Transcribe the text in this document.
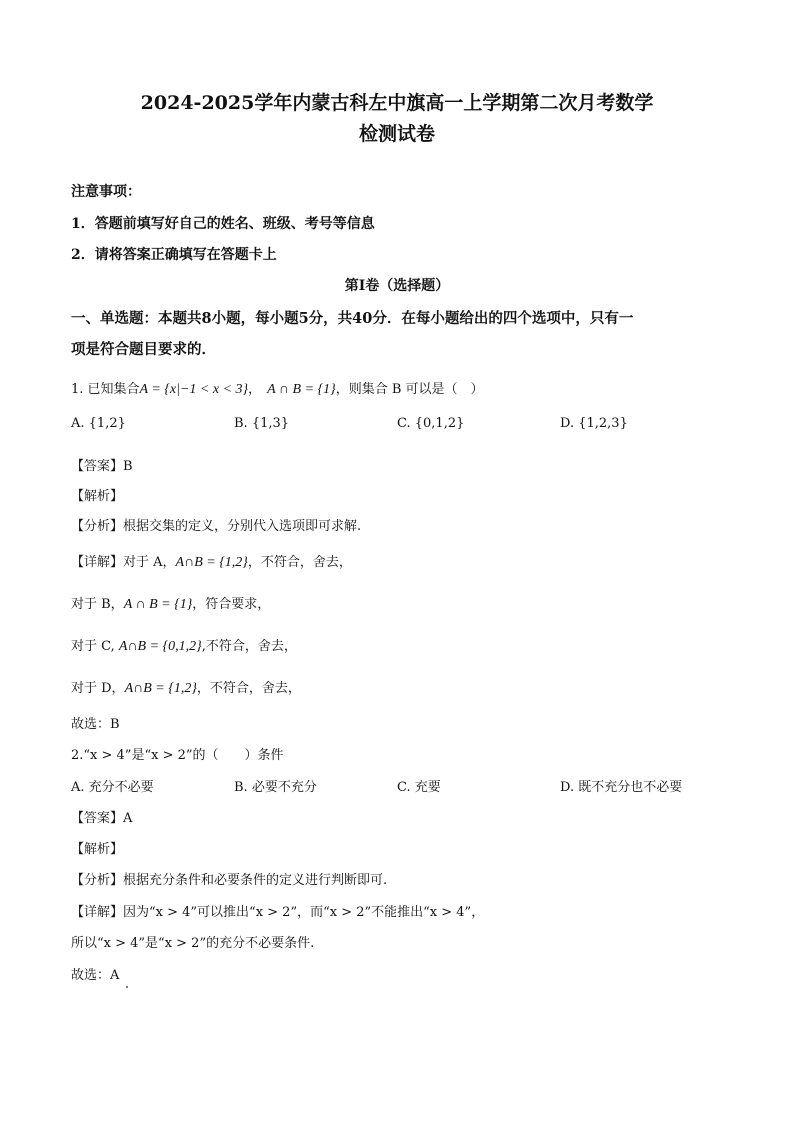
2024-2025学年内蒙古科左中旗高一上学期第二次月考数学
检测试卷
注意事项：
1．答题前填写好自己的姓名、班级、考号等信息
2．请将答案正确填写在答题卡上
第I卷（选择题）
一、单选题：本题共8小题，每小题5分，共40分．在每小题给出的四个选项中，只有一
项是符合题目要求的．
1. 已知集合A = {x|−1 < x < 3}， A ∩ B = {1}，则集合 B 可以是（　）
A. {1,2}	B. {1,3}	C. {0,1,2}	D. {1,2,3}
【答案】B
【解析】
【分析】根据交集的定义，分别代入选项即可求解.
【详解】对于 A，A∩B = {1,2}，不符合，舍去，
对于 B，A ∩ B = {1}，符合要求，
对于 C, A∩B = {0,1,2},不符合，舍去，
对于 D，A∩B = {1,2}，不符合，舍去，
故选：B
2.“x > 4”是“x > 2”的（　　）条件
A. 充分不必要	B. 必要不充分	C. 充要	D. 既不充分也不必要
【答案】A
【解析】
【分析】根据充分条件和必要条件的定义进行判断即可.
【详解】因为“x > 4”可以推出“x > 2”，而“x > 2”不能推出“x > 4”，
所以“x > 4”是“x > 2”的充分不必要条件.
故选：A
